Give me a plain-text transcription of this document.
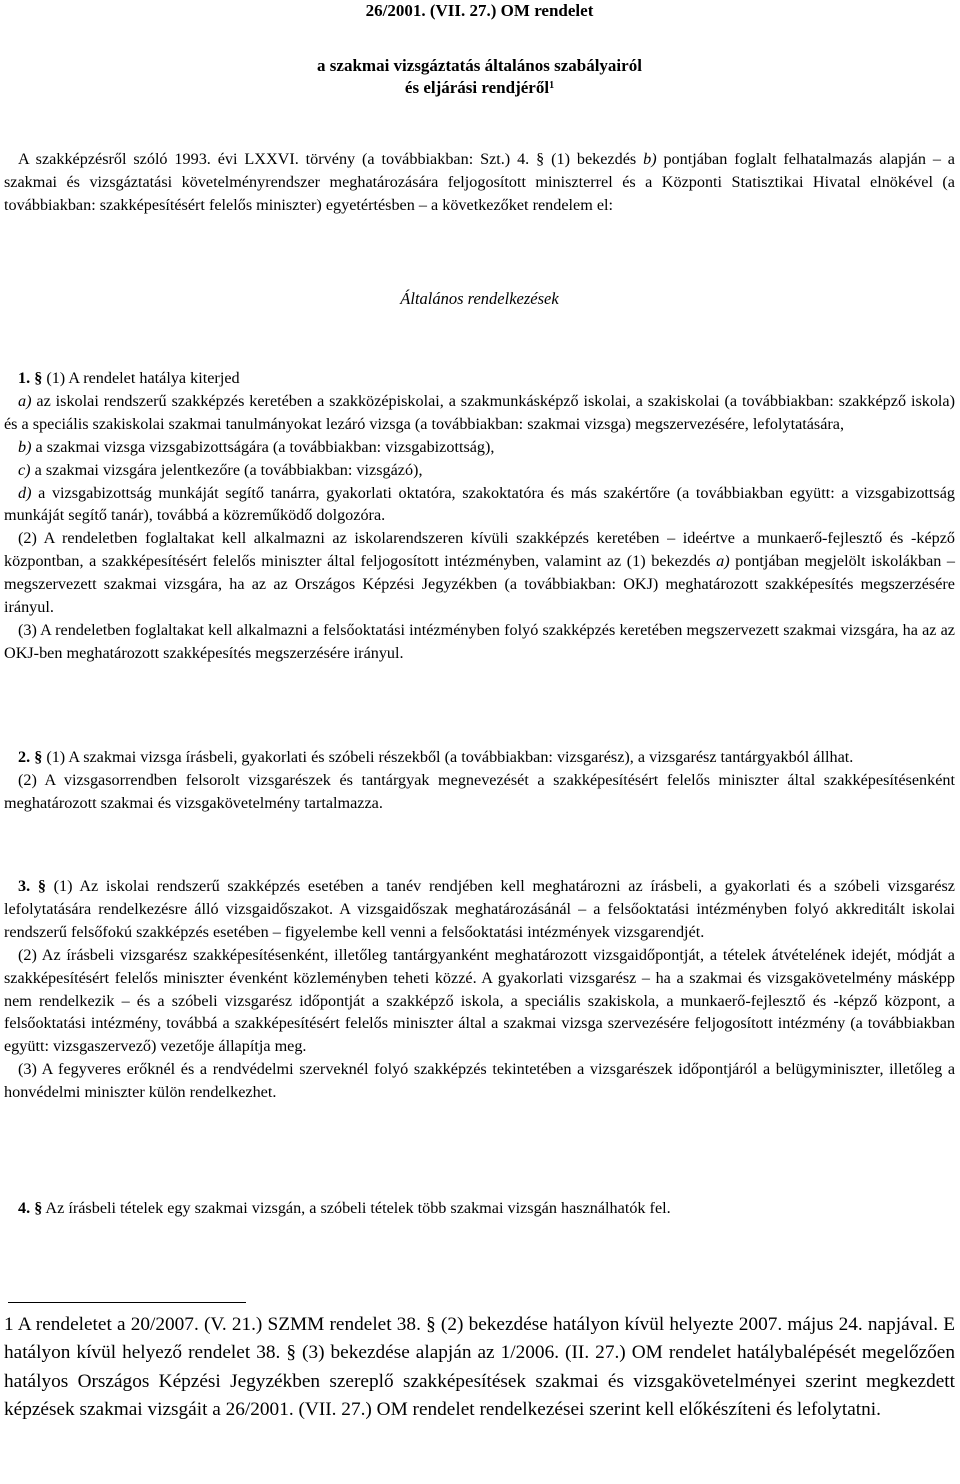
26/2001. (VII. 27.) OM rendelet
a szakmai vizsgáztatás általános szabályairól
és eljárási rendjéről$^1$

A szakképzésről szóló 1993. évi LXXVI. törvény (a továbbiakban: Szt.) 4. § (1) bekezdés b) pontjában foglalt felhatalmazás alapján – a szakmai és vizsgáztatási követelményrendszer meghatározására feljogosított miniszterrel és a Központi Statisztikai Hivatal elnökével (a továbbiakban: szakképesítésért felelős miniszter) egyetértésben – a következőket rendelem el:

Általános rendelkezések

1. § (1) A rendelet hatálya kiterjed

a) az iskolai rendszerű szakképzés keretében a szakközépiskolai, a szakmunkásképző iskolai, a szakiskolai (a továbbiakban: szakképző iskola) és a speciális szakiskolai szakmai tanulmányokat lezáró vizsga (a továbbiakban: szakmai vizsga) megszervezésére, lefolytatására,

b) a szakmai vizsga vizsgabizottságára (a továbbiakban: vizsgabizottság),

c) a szakmai vizsgára jelentkezőre (a továbbiakban: vizsgázó),

d) a vizsgabizottság munkáját segítő tanárra, gyakorlati oktatóra, szakoktatóra és más szakértőre (a továbbiakban együtt: a vizsgabizottság munkáját segítő tanár), továbbá a közreműködő dolgozóra.

(2) A rendeletben foglaltakat kell alkalmazni az iskolarendszeren kívüli szakképzés keretében – ideértve a munkaerő-fejlesztő és -képző központban, a szakképesítésért felelős miniszter által feljogosított intézményben, valamint az (1) bekezdés a) pontjában megjelölt iskolákban – megszervezett szakmai vizsgára, ha az az Országos Képzési Jegyzékben (a továbbiakban: OKJ) meghatározott szakképesítés megszerzésére irányul.

(3) A rendeletben foglaltakat kell alkalmazni a felsőoktatási intézményben folyó szakképzés keretében megszervezett szakmai vizsgára, ha az az OKJ-ben meghatározott szakképesítés megszerzésére irányul.

2. § (1) A szakmai vizsga írásbeli, gyakorlati és szóbeli részekből (a továbbiakban: vizsgarész), a vizsgarész tantárgyakból állhat.

(2) A vizsgasorrendben felsorolt vizsgarészek és tantárgyak megnevezését a szakképesítésért felelős miniszter által szakképesítésenként meghatározott szakmai és vizsgakövetelmény tartalmazza.

3. § (1) Az iskolai rendszerű szakképzés esetében a tanév rendjében kell meghatározni az írásbeli, a gyakorlati és a szóbeli vizsgarész lefolytatására rendelkezésre álló vizsgaidőszakot. A vizsgaidőszak meghatározásánál – a felsőoktatási intézményben folyó akkreditált iskolai rendszerű felsőfokú szakképzés esetében – figyelembe kell venni a felsőoktatási intézmények vizsgarendjét.

(2) Az írásbeli vizsgarész szakképesítésenként, illetőleg tantárgyanként meghatározott vizsgaidőpontját, a tételek átvételének idejét, módját a szakképesítésért felelős miniszter évenként közleményben teheti közzé. A gyakorlati vizsgarész – ha a szakmai és vizsgakövetelmény másképp nem rendelkezik – és a szóbeli vizsgarész időpontját a szakképző iskola, a speciális szakiskola, a munkaerő-fejlesztő és -képző központ, a felsőoktatási intézmény, továbbá a szakképesítésért felelős miniszter által a szakmai vizsga szervezésére feljogosított intézmény (a továbbiakban együtt: vizsgaszervező) vezetője állapítja meg.

(3) A fegyveres erőknél és a rendvédelmi szerveknél folyó szakképzés tekintetében a vizsgarészek időpontjáról a belügyminiszter, illetőleg a honvédelmi miniszter külön rendelkezhet.

4. § Az írásbeli tételek egy szakmai vizsgán, a szóbeli tételek több szakmai vizsgán használhatók fel.

1 A rendeletet a 20/2007. (V. 21.) SZMM rendelet 38. § (2) bekezdése hatályon kívül helyezte 2007. május 24. napjával. E hatályon kívül helyező rendelet 38. § (3) bekezdése alapján az 1/2006. (II. 27.) OM rendelet hatálybalépését megelőzően hatályos Országos Képzési Jegyzékben szereplő szakképesítések szakmai és vizsgakövetelményei szerint megkezdett képzések szakmai vizsgáit a 26/2001. (VII. 27.) OM rendelet rendelkezései szerint kell előkészíteni és lefolytatni.
